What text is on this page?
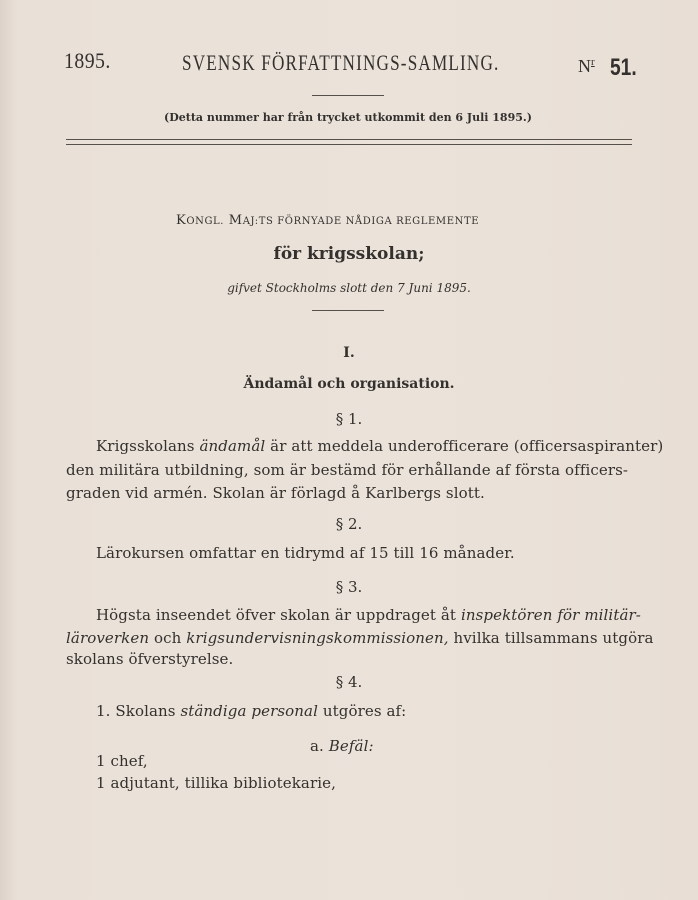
1895.	SVENSK FÖRFATTNINGS-SAMLING.	$N^r$ 51.
(Detta nummer har från trycket utkommit den 6 Juli 1895.)
KONGL. MAJ:TS FÖRNYADE NÅDIGA REGLEMENTE
för krigsskolan;
gifvet Stockholms slott den 7 Juni 1895.
I.
Ändamål och organisation.
§ 1.
Krigsskolans ändamål är att meddela underofficerare (officersaspiranter)
den militära utbildning, som är bestämd för erhållande af första officers-
graden vid armén. Skolan är förlagd å Karlbergs slott.
§ 2.
Lärokursen omfattar en tidrymd af 15 till 16 månader.
§ 3.
Högsta inseendet öfver skolan är uppdraget åt inspektören för militär-
läroverken och krigsundervisningskommissionen, hvilka tillsammans utgöra
skolans öfverstyrelse.
§ 4.
1. Skolans ständiga personal utgöres af:
a. Befäl:
1 chef,
1 adjutant, tillika bibliotekarie,
